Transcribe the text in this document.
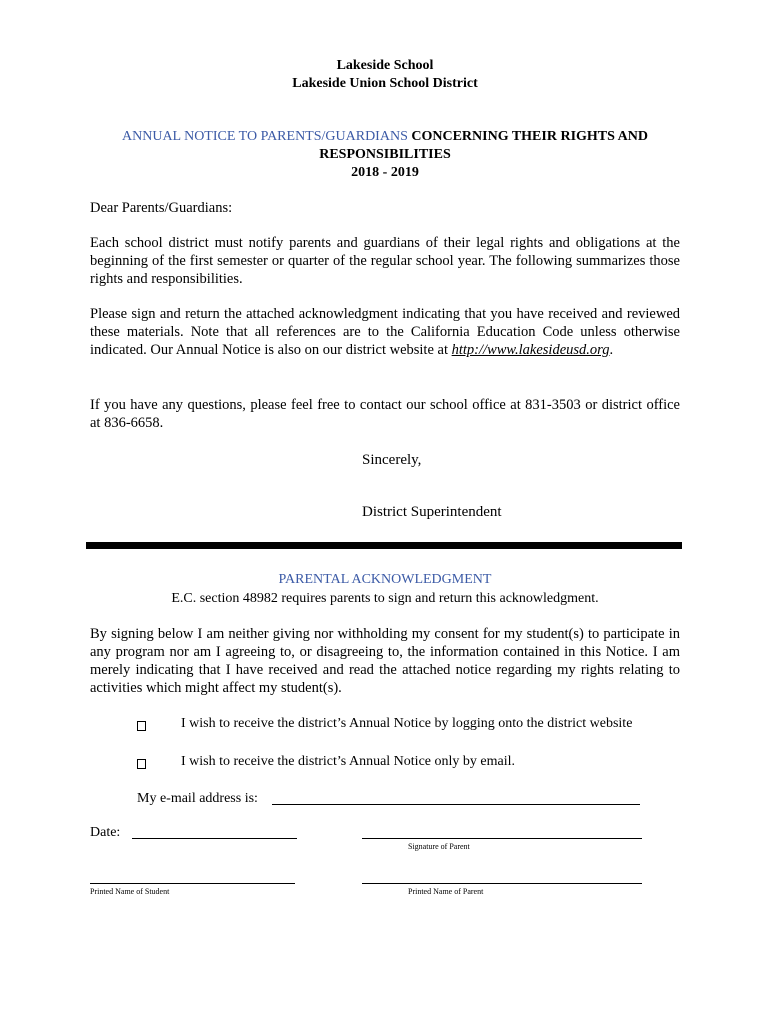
Lakeside School
Lakeside Union School District
ANNUAL NOTICE TO PARENTS/GUARDIANS CONCERNING THEIR RIGHTS AND
RESPONSIBILITIES
2018 - 2019
Dear Parents/Guardians:
Each school district must notify parents and guardians of their legal rights and obligations at the beginning of the first semester or quarter of the regular school year. The following summarizes those rights and responsibilities.
Please sign and return the attached acknowledgment indicating that you have received and reviewed these materials. Note that all references are to the California Education Code unless otherwise indicated. Our Annual Notice is also on our district website at http://www.lakesideusd.org.
If you have any questions, please feel free to contact our school office at 831-3503 or district office at 836-6658.
Sincerely,
District Superintendent
PARENTAL ACKNOWLEDGMENT
E.C. section 48982 requires parents to sign and return this acknowledgment.
By signing below I am neither giving nor withholding my consent for my student(s) to participate in any program nor am I agreeing to, or disagreeing to, the information contained in this Notice. I am merely indicating that I have received and read the attached notice regarding my rights relating to activities which might affect my student(s).
I wish to receive the district’s Annual Notice by logging onto the district website
I wish to receive the district’s Annual Notice only by email.
My e-mail address is:
Date:
Signature of Parent
Printed Name of Student	Printed Name of Parent
